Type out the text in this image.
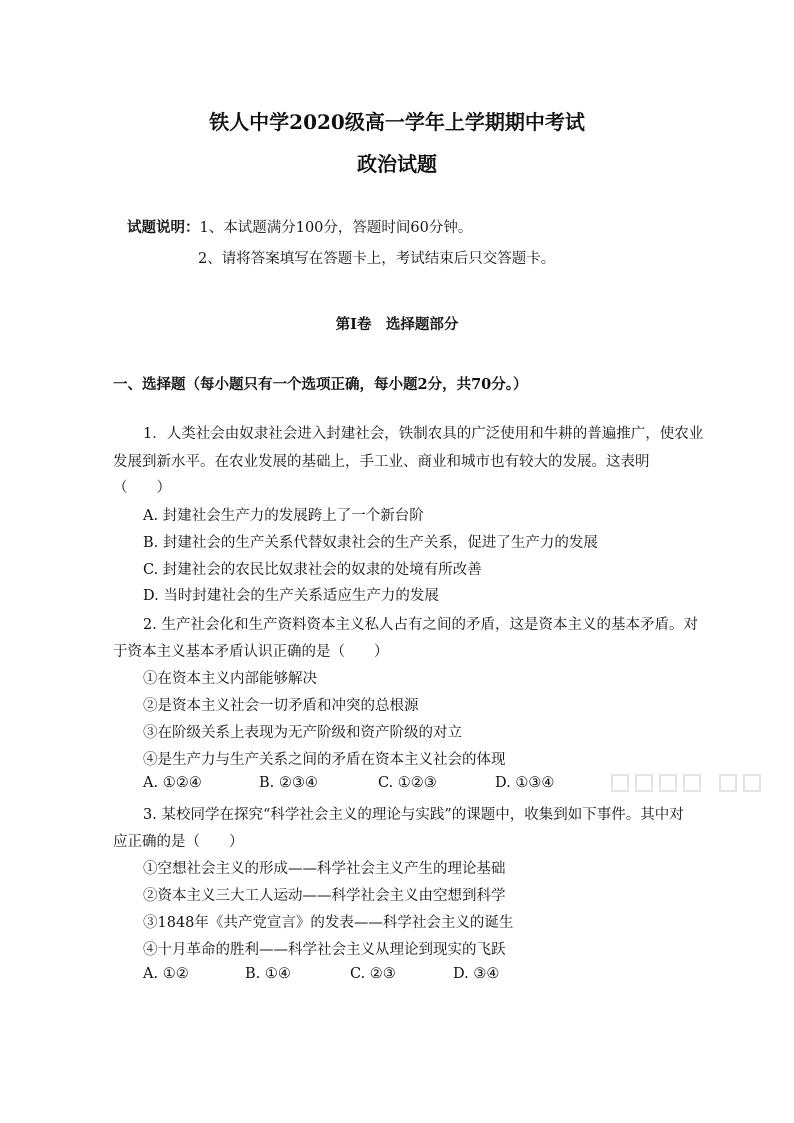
铁人中学2020级高一学年上学期期中考试
政治试题
试题说明：1、本试题满分100分，答题时间60分钟。
2、请将答案填写在答题卡上，考试结束后只交答题卡。
第Ⅰ卷　选择题部分
一、选择题（每小题只有一个选项正确，每小题2分，共70分。）
1．人类社会由奴隶社会进入封建社会，铁制农具的广泛使用和牛耕的普遍推广，使农业
发展到新水平。在农业发展的基础上，手工业、商业和城市也有较大的发展。这表明
（　　）
A. 封建社会生产力的发展跨上了一个新台阶
B. 封建社会的生产关系代替奴隶社会的生产关系，促进了生产力的发展
C. 封建社会的农民比奴隶社会的奴隶的处境有所改善
D. 当时封建社会的生产关系适应生产力的发展
2. 生产社会化和生产资料资本主义私人占有之间的矛盾，这是资本主义的基本矛盾。对
于资本主义基本矛盾认识正确的是（　　）
①在资本主义内部能够解决
②是资本主义社会一切矛盾和冲突的总根源
③在阶级关系上表现为无产阶级和资产阶级的对立
④是生产力与生产关系之间的矛盾在资本主义社会的体现
A. ①②④	B. ②③④	C. ①②③	D. ①③④
3. 某校同学在探究“科学社会主义的理论与实践”的课题中，收集到如下事件。其中对
应正确的是（　　）
①空想社会主义的形成——科学社会主义产生的理论基础
②资本主义三大工人运动——科学社会主义由空想到科学
③1848年《共产党宣言》的发表——科学社会主义的诞生
④十月革命的胜利——科学社会主义从理论到现实的飞跃
A. ①②	B. ①④	C. ②③	D. ③④
